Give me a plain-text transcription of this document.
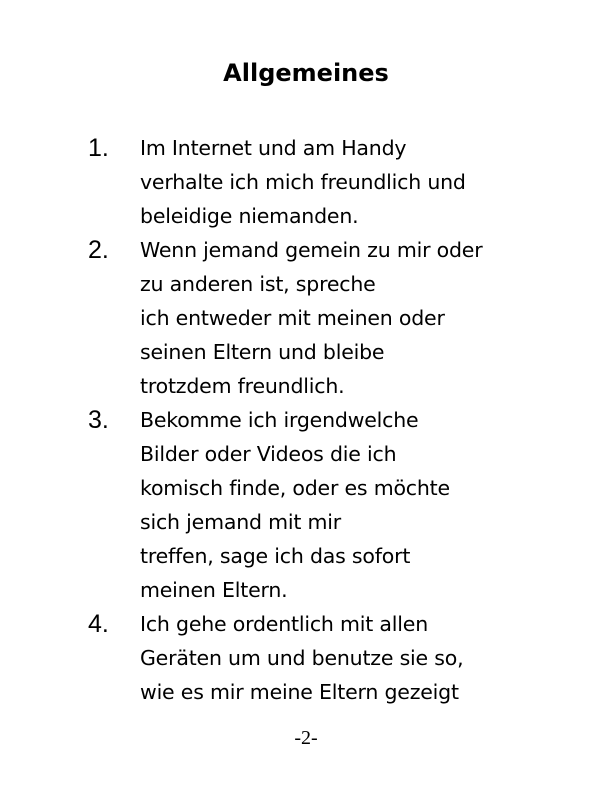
Allgemeines
1. Im Internet und am Handy
verhalte ich mich freundlich und
beleidige niemanden.
2. Wenn jemand gemein zu mir oder
zu anderen ist, spreche
ich entweder mit meinen oder
seinen Eltern und bleibe
trotzdem freundlich.
3. Bekomme ich irgendwelche
Bilder oder Videos die ich
komisch finde, oder es möchte
sich jemand mit mir
treffen, sage ich das sofort
meinen Eltern.
4. Ich gehe ordentlich mit allen
Geräten um und benutze sie so,
wie es mir meine Eltern gezeigt
-2-
